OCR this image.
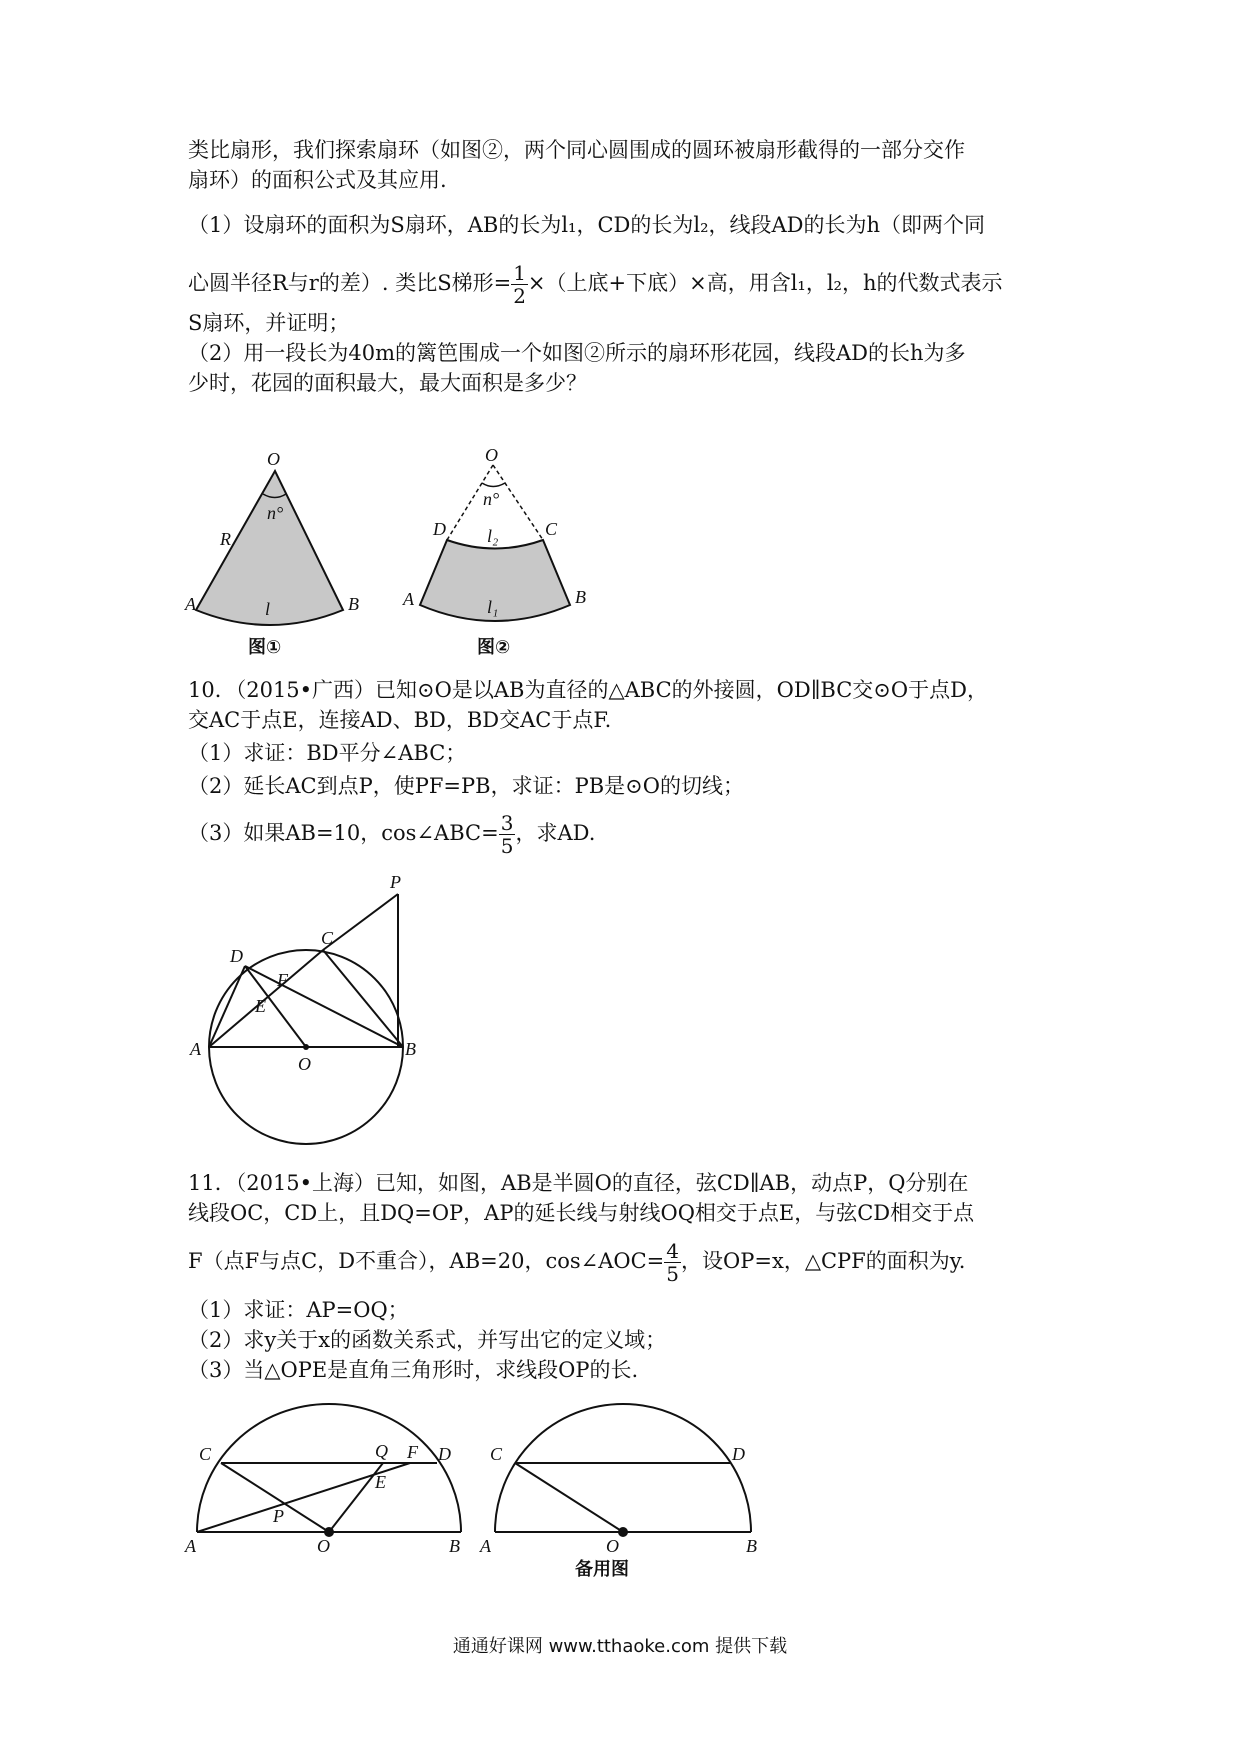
类比扇形，我们探索扇环（如图②，两个同心圆围成的圆环被扇形截得的一部分交作
扇环）的面积公式及其应用.
（1）设扇环的面积为S扇环，AB的长为l₁，CD的长为l₂，线段AD的长为h（即两个同
心圆半径R与r的差）. 类比S梯形= $\frac{1}{2}$ ×（上底+下底）×高，用含l₁，l₂，h的代数式表示
S扇环，并证明；
（2）用一段长为40m的篱笆围成一个如图②所示的扇环形花园，线段AD的长h为多
少时，花园的面积最大，最大面积是多少？
O
n°
R
A	B
l
图①
O
n°
D	C
l₂
A	B
l₁
图②
10．（2015•广西）已知⊙O是以AB为直径的△ABC的外接圆，OD∥BC交⊙O于点D，
交AC于点E，连接AD、BD，BD交AC于点F.
（1）求证：BD平分∠ABC；
（2）延长AC到点P，使PF=PB，求证：PB是⊙O的切线；
（3）如果AB=10，cos∠ABC= $\frac{3}{5}$ ，求AD.
P
C
D
F
E
A
O
B
11．（2015•上海）已知，如图，AB是半圆O的直径，弦CD∥AB，动点P，Q分别在
线段OC，CD上，且DQ=OP，AP的延长线与射线OQ相交于点E，与弦CD相交于点
F（点F与点C，D不重合），AB=20，cos∠AOC= $\frac{4}{5}$ ，设OP=x，△CPF的面积为y.
（1）求证：AP=OQ；
（2）求y关于x的函数关系式，并写出它的定义域；
（3）当△OPE是直角三角形时，求线段OP的长.
C	Q F D
E
P
A	O	B
C	D
A	O	B
备用图
通通好课网 www.tthaoke.com 提供下载
